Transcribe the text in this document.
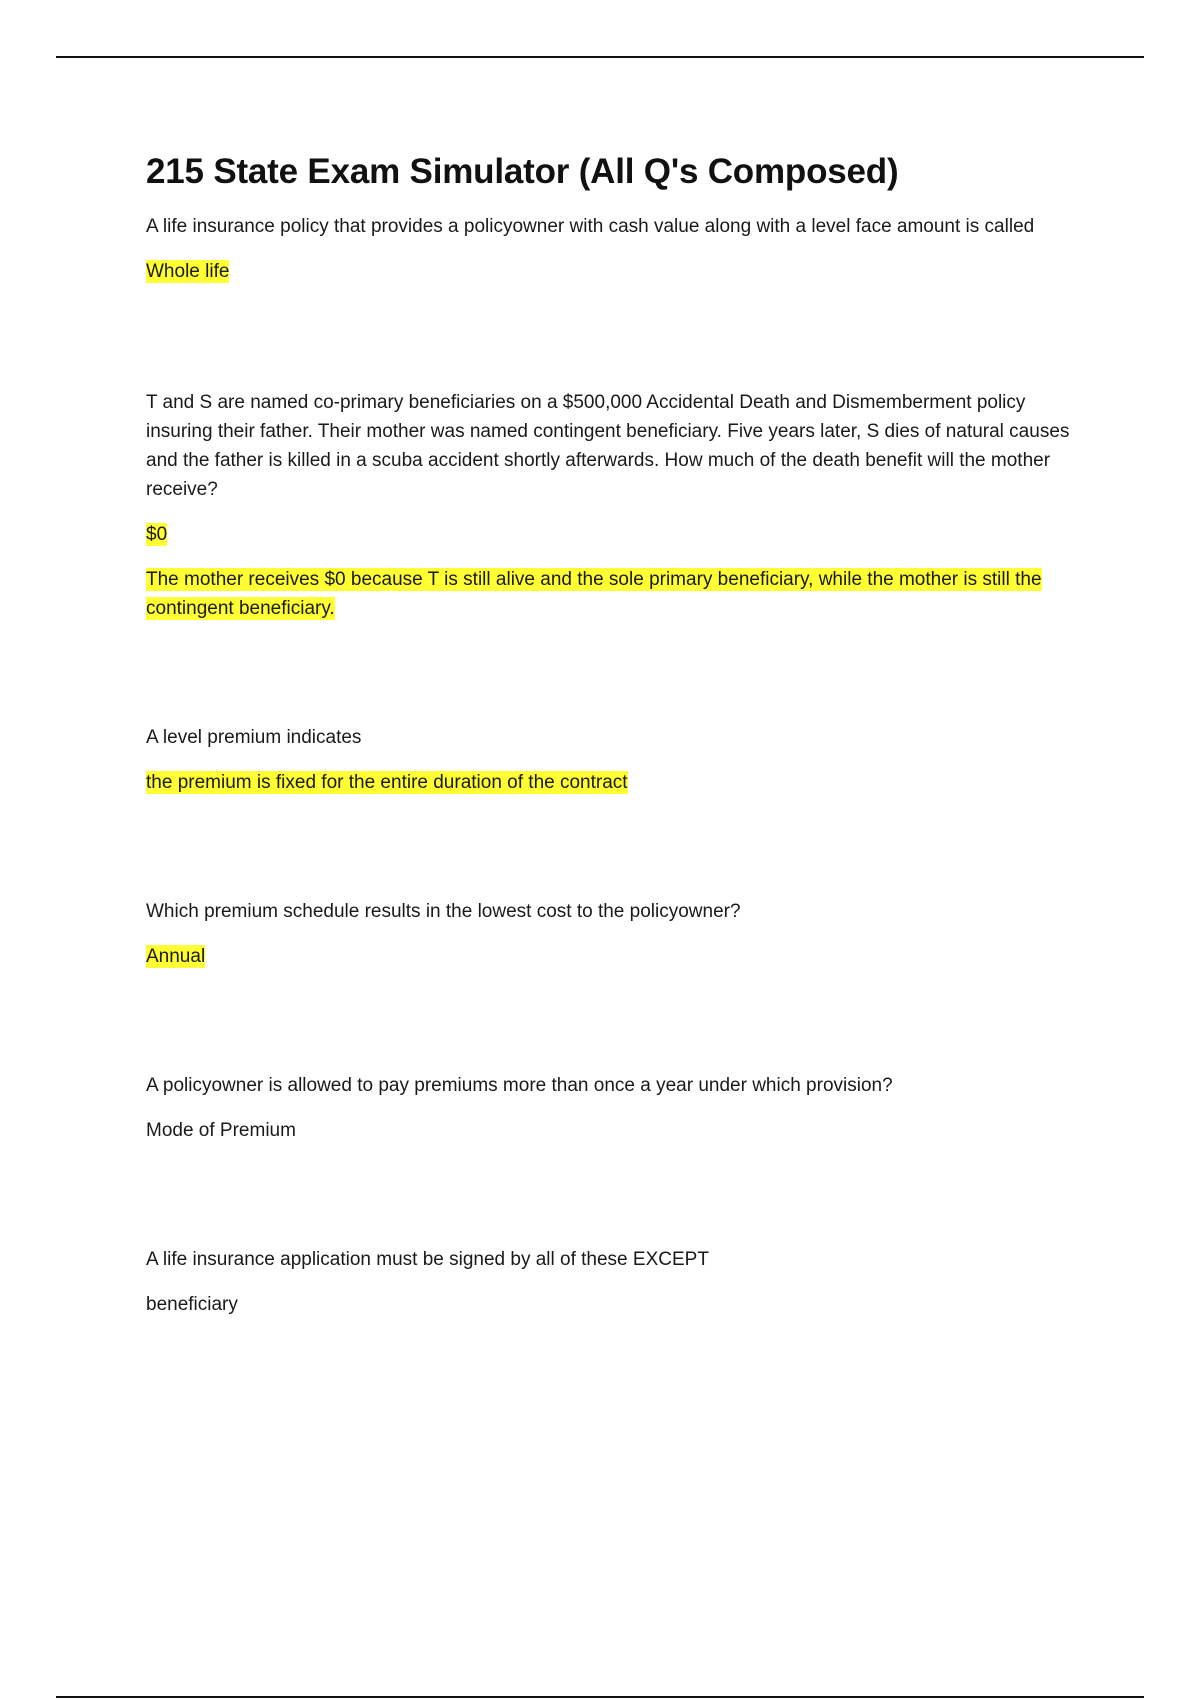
215 State Exam Simulator (All Q's Composed)

A life insurance policy that provides a policyowner with cash value along with a level face amount is called

Whole life

T and S are named co-primary beneficiaries on a $500,000 Accidental Death and Dismemberment policy insuring their father. Their mother was named contingent beneficiary. Five years later, S dies of natural causes and the father is killed in a scuba accident shortly afterwards. How much of the death benefit will the mother receive?

$0
The mother receives $0 because T is still alive and the sole primary beneficiary, while the mother is still the contingent beneficiary.

A level premium indicates

the premium is fixed for the entire duration of the contract

Which premium schedule results in the lowest cost to the policyowner?

Annual

A policyowner is allowed to pay premiums more than once a year under which provision?

Mode of Premium

A life insurance application must be signed by all of these EXCEPT

beneficiary
